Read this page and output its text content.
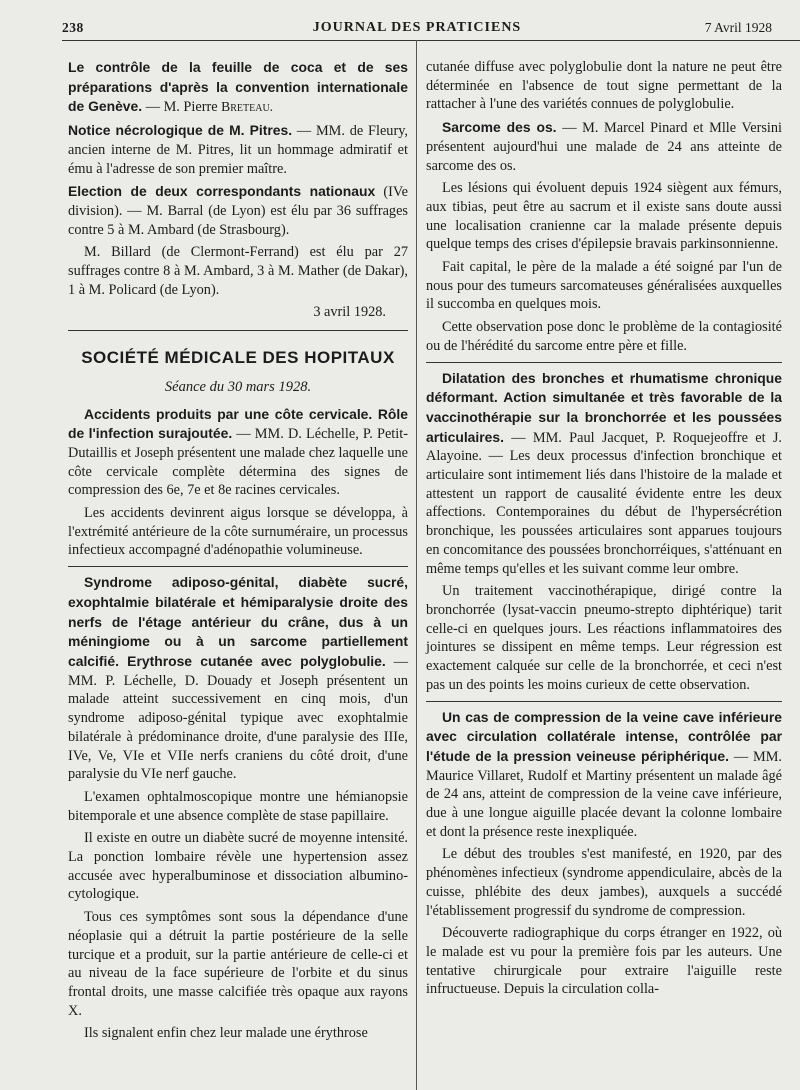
238	JOURNAL DES PRATICIENS	7 Avril 1928

Le contrôle de la feuille de coca et de ses préparations d'après la convention internationale de Genève. — M. Pierre Breteau.

Notice nécrologique de M. Pitres. — MM. de Fleury, ancien interne de M. Pitres, lit un hommage admiratif et ému à l'adresse de son premier maître.

Election de deux correspondants nationaux (IVe division). — M. Barral (de Lyon) est élu par 36 suffrages contre 5 à M. Ambard (de Strasbourg).

M. Billard (de Clermont-Ferrand) est élu par 27 suffrages contre 8 à M. Ambard, 3 à M. Mather (de Dakar), 1 à M. Policard (de Lyon).

3 avril 1928.

SOCIÉTÉ MÉDICALE DES HOPITAUX
Séance du 30 mars 1928.

Accidents produits par une côte cervicale. Rôle de l'infection surajoutée. — MM. D. Léchelle, P. Petit-Dutaillis et Joseph présentent une malade chez laquelle une côte cervicale complète détermina des signes de compression des 6e, 7e et 8e racines cervicales.

Les accidents devinrent aigus lorsque se développa, à l'extrémité antérieure de la côte surnuméraire, un processus infectieux accompagné d'adénopathie volumineuse.

Syndrome adiposo-génital, diabète sucré, exophtalmie bilatérale et hémiparalysie droite des nerfs de l'étage antérieur du crâne, dus à un méningiome ou à un sarcome partiellement calcifié. Erythrose cutanée avec polyglobulie. — MM. P. Léchelle, D. Douady et Joseph présentent un malade atteint successivement en cinq mois, d'un syndrome adiposo-génital typique avec exophtalmie bilatérale à prédominance droite, d'une paralysie des IIIe, IVe, Ve, VIe et VIIe nerfs craniens du côté droit, d'une paralysie du VIe nerf gauche.

L'examen ophtalmoscopique montre une hémianopsie bitemporale et une absence complète de stase papillaire.

Il existe en outre un diabète sucré de moyenne intensité. La ponction lombaire révèle une hypertension assez accusée avec hyperalbuminose et dissociation albumino-cytologique.

Tous ces symptômes sont sous la dépendance d'une néoplasie qui a détruit la partie postérieure de la selle turcique et a produit, sur la partie antérieure de celle-ci et au niveau de la face supérieure de l'orbite et du sinus frontal droits, une masse calcifiée très opaque aux rayons X.

Ils signalent enfin chez leur malade une érythrose

cutanée diffuse avec polyglobulie dont la nature ne peut être déterminée en l'absence de tout signe permettant de la rattacher à l'une des variétés connues de polyglobulie.

Sarcome des os. — M. Marcel Pinard et Mlle Versini présentent aujourd'hui une malade de 24 ans atteinte de sarcome des os.

Les lésions qui évoluent depuis 1924 siègent aux fémurs, aux tibias, peut être au sacrum et il existe sans doute aussi une localisation cranienne car la malade présente depuis quelque temps des crises d'épilepsie bravais parkinsonnienne.

Fait capital, le père de la malade a été soigné par l'un de nous pour des tumeurs sarcomateuses généralisées auxquelles il succomba en quelques mois.

Cette observation pose donc le problème de la contagiosité ou de l'hérédité du sarcome entre père et fille.

Dilatation des bronches et rhumatisme chronique déformant. Action simultanée et très favorable de la vaccinothérapie sur la bronchorrée et les poussées articulaires. — MM. Paul Jacquet, P. Roquejeoffre et J. Alayoine. — Les deux processus d'infection bronchique et articulaire sont intimement liés dans l'histoire de la malade et attestent un rapport de causalité évidente entre les deux affections. Contemporaines du début de l'hypersécrétion bronchique, les poussées articulaires sont apparues toujours en concomitance des poussées bronchorréiques, s'atténuant en même temps qu'elles et les suivant comme leur ombre.

Un traitement vaccinothérapique, dirigé contre la bronchorrée (lysat-vaccin pneumo-strepto diphtérique) tarit celle-ci en quelques jours. Les réactions inflammatoires des jointures se dissipent en même temps. Leur régression est exactement calquée sur celle de la bronchorrée, et ceci n'est pas un des points les moins curieux de cette observation.

Un cas de compression de la veine cave inférieure avec circulation collatérale intense, contrôlée par l'étude de la pression veineuse périphérique. — MM. Maurice Villaret, Rudolf et Martiny présentent un malade âgé de 24 ans, atteint de compression de la veine cave inférieure, due à une longue aiguille placée devant la colonne lombaire et dont la présence reste inexpliquée.

Le début des troubles s'est manifesté, en 1920, par des phénomènes infectieux (syndrome appendiculaire, abcès de la cuisse, phlébite des deux jambes), auxquels a succédé l'établissement progressif du syndrome de compression.

Découverte radiographique du corps étranger en 1922, où le malade est vu pour la première fois par les auteurs. Une tentative chirurgicale pour extraire l'aiguille reste infructueuse. Depuis la circulation colla-
